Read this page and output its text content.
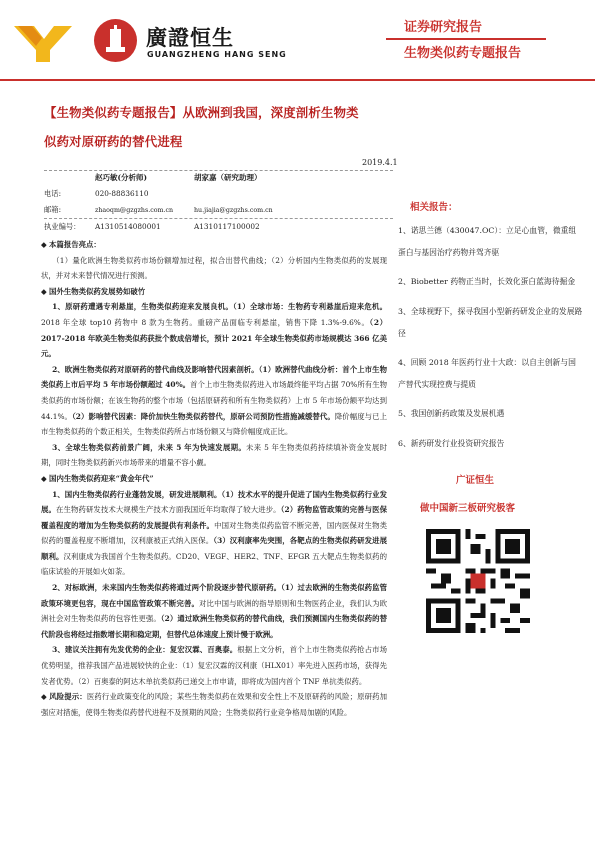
廣證恒生
GUANGZHENG HANG SENG
证券研究报告
生物类似药专题报告
【生物类似药专题报告】从欧洲到我国，深度剖析生物类
似药对原研药的替代进程
2019.4.1
赵巧敏(分析师)	胡家嘉（研究助理）
电话:	020-88836110
邮箱:	zhaoqm@gzgzhs.com.cn	hu.jiajia@gzgzhs.com.cn
执业编号： A1310514080001	A1310117100002
相关报告：
1、诺思兰德（430047.OC）：立足心血管，微重组蛋白与基因治疗药物并驾齐驱
2、Biobetter 药物正当时，长效化蛋白蓝海待掘金
3、全球视野下，探寻我国小型新药研发企业的发展路径
4、回顾 2018 年医药行业十大政：以自主创新与国产替代实现控费与提质
5、我国创新药政策及发展机遇
6、新药研发行业投资研究报告
广证恒生
做中国新三板研究极客

◆ 本篇报告亮点：

（1）量化欧洲生物类似药市场份额增加过程，拟合出替代曲线；（2）分析国内生物类似药的发展现状，并对未来替代情况进行预测。

◆ 国外生物类似药发展势如破竹

1、原研药遭遇专利悬崖，生物类似药迎来发展良机。（1）全球市场：生物药专利悬崖后迎来危机。2018 年全球 top10 药物中 8 款为生物药。重磅产品面临专利悬崖，销售下降 1.3%-9.6%。（2）2017-2018 年欧美生物类似药获批个数成倍增长，预计 2021 年全球生物类似药市场规模达 366 亿美元。

2、欧洲生物类似药对原研药的替代曲线及影响替代因素剖析。（1）欧洲替代曲线分析：首个上市生物类似药上市后平均 5 年市场份额超过 40%。首个上市生物类似药进入市场最终能平均占据 70%所有生物类似药的市场份额；在该生物药的整个市场（包括原研药和所有生物类似药）上市 5 年市场份额平均达到 44.1%。（2）影响替代因素：降价加快生物类似药替代，原研公司预防性措施减缓替代。降价幅度与已上市生物类似药的个数正相关，生物类似药所占市场份额又与降价幅度成正比。

3、全球生物类似药前景广阔，未来 5 年为快速发展期。未来 5 年生物类似药持续填补资金发展时期，同时生物类似药新兴市场带来的增量不容小觑。

◆ 国内生物类似药迎来“黄金年代”

1、国内生物类似药行业蓬勃发展，研发进展顺利。（1）技术水平的提升促进了国内生物类似药行业发展。在生物药研发技术大规模生产技术方面我国近年均取得了较大进步。（2）药物监管政策的完善与医保覆盖程度的增加为生物类似药的发展提供有利条件。中国对生物类似药监管不断完善，国内医保对生物类似药的覆盖程度不断增加，汉利康被正式纳入医保。（3）汉利康率先突围，各靶点的生物类似药研发进展顺利。汉利康成为我国首个生物类似药。CD20、VEGF、HER2、TNF、EFGR 五大靶点生物类似药的临床试验的开展如火如荼。

2、对标欧洲，未来国内生物类似药将通过两个阶段逐步替代原研药。（1）过去欧洲的生物类似药监管政策环境更包容，现在中国监管政策不断完善。对比中国与欧洲的指导原则和生物医药企业，我们认为欧洲社会对生物类似药的包容性更强。（2）通过欧洲生物类似药的替代曲线，我们预测国内生物类似药的替代阶段也将经过指数增长期和稳定期，但替代总体速度上预计慢于欧洲。

3、建议关注拥有先发优势的企业：复宏汉霖、百奥泰。根据上文分析，首个上市生物类似药抢占市场优势明显，推荐我国产品进展较快的企业：（1）复宏汉霖的汉利康（HLX01）率先进入医药市场，获得先发者优势。（2）百奥泰的阿达木单抗类似药已递交上市申请，即将成为国内首个 TNF 单抗类似药。

◆ 风险提示：医药行业政策变化的风险；某些生物类似药在效果和安全性上不及原研药的风险；原研药加强应对措施，使得生物类似药替代进程不及预期的风险；生物类似药行业竞争格局加剧的风险。
